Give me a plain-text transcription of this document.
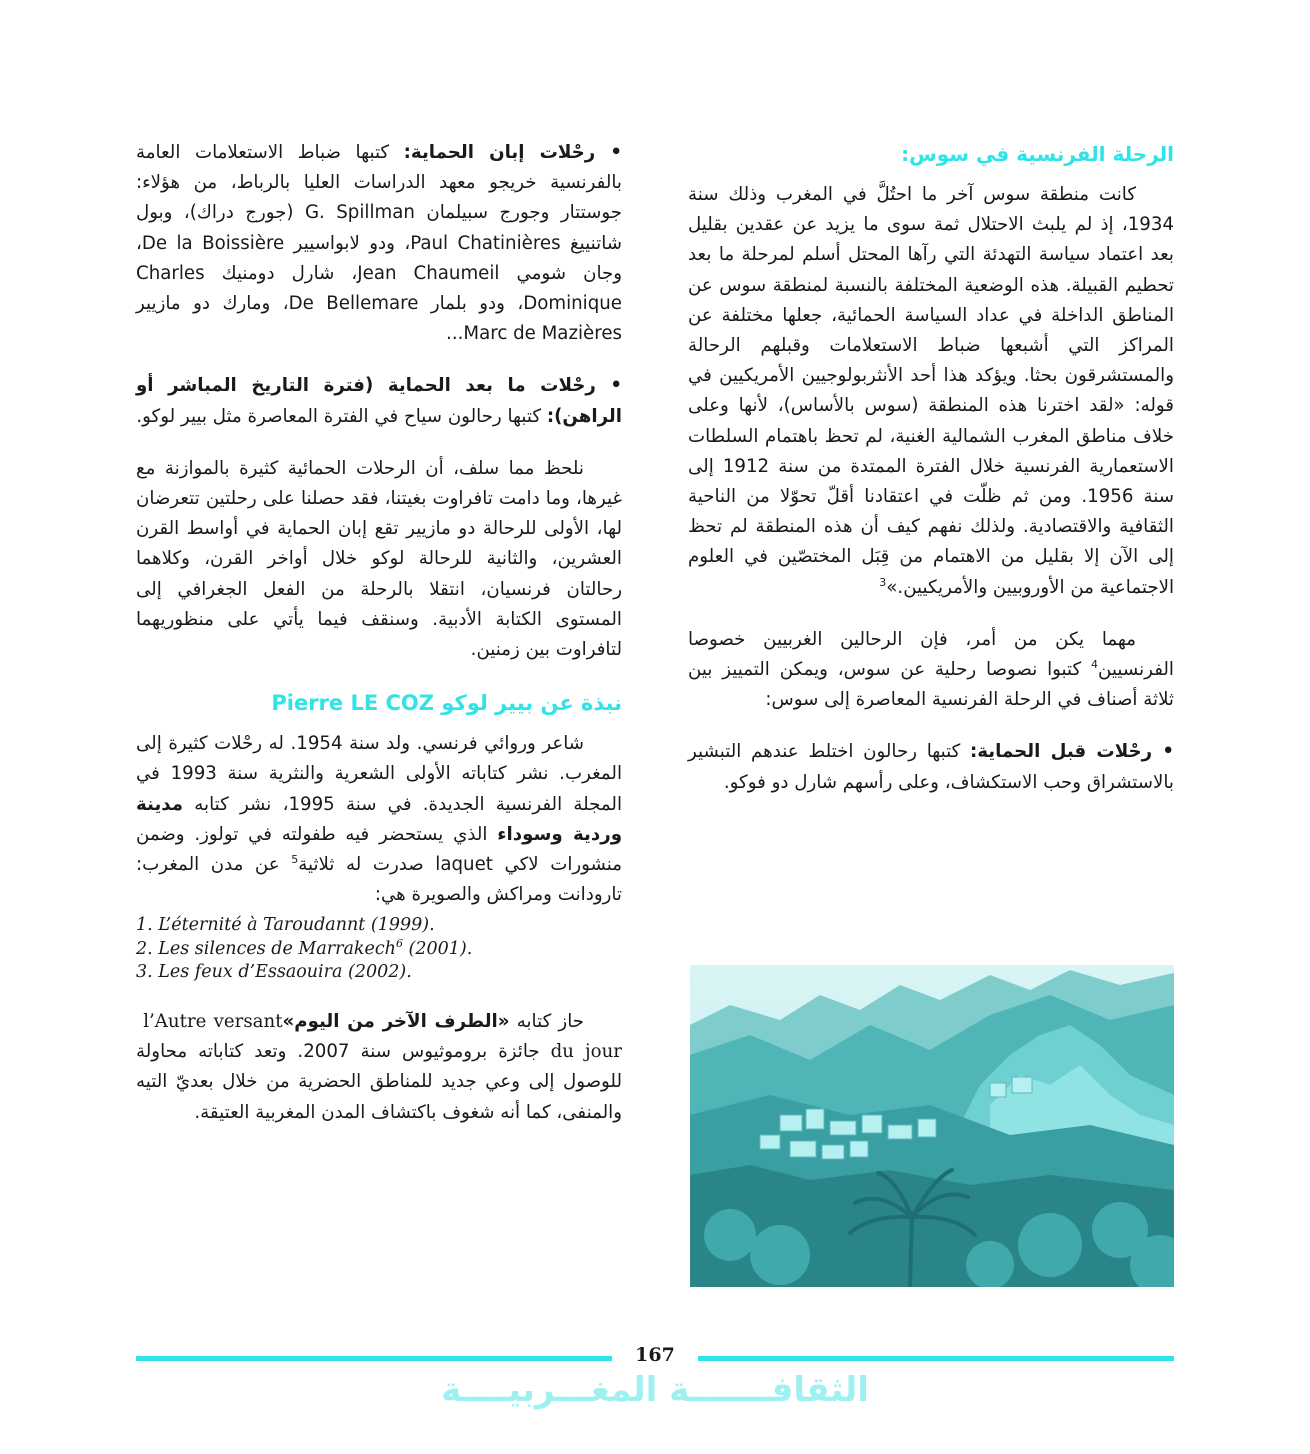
الرحلة الفرنسية في سوس:

كانت منطقة سوس آخر ما احتُلَّ في المغرب وذلك سنة 1934، إذ لم يلبث الاحتلال ثمة سوى ما يزيد عن عقدين بقليل بعد اعتماد سياسة التهدئة التي رآها المحتل أسلم لمرحلة ما بعد تحطيم القبيلة. هذه الوضعية المختلفة بالنسبة لمنطقة سوس عن المناطق الداخلة في عداد السياسة الحمائية، جعلها مختلفة عن المراكز التي أشبعها ضباط الاستعلامات وقبلهم الرحالة والمستشرقون بحثا. ويؤكد هذا أحد الأنثربولوجيين الأمريكيين في قوله: «لقد اخترنا هذه المنطقة (سوس بالأساس)، لأنها وعلى خلاف مناطق المغرب الشمالية الغنية، لم تحظ باهتمام السلطات الاستعمارية الفرنسية خلال الفترة الممتدة من سنة 1912 إلى سنة 1956. ومن ثم ظلّت في اعتقادنا أقلّ تحوّلا من الناحية الثقافية والاقتصادية. ولذلك نفهم كيف أن هذه المنطقة لم تحظ إلى الآن إلا بقليل من الاهتمام من قِبَل المختصّين في العلوم الاجتماعية من الأوروبيين والأمريكيين.»$^3$

مهما يكن من أمر، فإن الرحالين الغربيين خصوصا الفرنسيين$^4$ كتبوا نصوصا رحلية عن سوس، ويمكن التمييز بين ثلاثة أصناف في الرحلة الفرنسية المعاصرة إلى سوس:

• رحْلات قبل الحماية: كتبها رحالون اختلط عندهم التبشير بالاستشراق وحب الاستكشاف، وعلى رأسهم شارل دو فوكو.

• رحْلات إبان الحماية: كتبها ضباط الاستعلامات العامة بالفرنسية خريجو معهد الدراسات العليا بالرباط، من هؤلاء: جوستتار وجورج سبيلمان G. Spillman (جورج دراك)، وبول شاتنييغ Paul Chatinières، ودو لابواسيير De la Boissière، وجان شومي Jean Chaumeil، شارل دومنيك Charles Dominique، ودو بلمار De Bellemare، ومارك دو مازيير Marc de Mazières...

• رحْلات ما بعد الحماية (فترة التاريخ المباشر أو الراهن): كتبها رحالون سياح في الفترة المعاصرة مثل بيير لوكو.

نلحظ مما سلف، أن الرحلات الحمائية كثيرة بالموازنة مع غيرها، وما دامت تافراوت بغيتنا، فقد حصلنا على رحلتين تتعرضان لها، الأولى للرحالة دو مازيير تقع إبان الحماية في أواسط القرن العشرين، والثانية للرحالة لوكو خلال أواخر القرن، وكلاهما رحالتان فرنسيان، انتقلا بالرحلة من الفعل الجغرافي إلى المستوى الكتابة الأدبية. وسنقف فيما يأتي على منظوريهما لتافراوت بين زمنين.

نبذة عن بيير لوكو Pierre LE COZ

شاعر وروائي فرنسي. ولد سنة 1954. له رحْلات كثيرة إلى المغرب. نشر كتاباته الأولى الشعرية والنثرية سنة 1993 في المجلة الفرنسية الجديدة. في سنة 1995، نشر كتابه مدينة وردية وسوداء الذي يستحضر فيه طفولته في تولوز. وضمن منشورات لاكي laquet صدرت له ثلاثية$^5$ عن مدن المغرب: تارودانت ومراكش والصويرة هي:

1. L’éternité à Taroudannt (1999).
2. Les silences de Marrakech$^6$ (2001).
3. Les feux d’Essaouira (2002).

حاز كتابه «الطرف الآخر من اليوم» l’Autre versant du jour جائزة بروموثيوس سنة 2007. وتعد كتاباته محاولة للوصول إلى وعي جديد للمناطق الحضرية من خلال بعديّ التيه والمنفى، كما أنه شغوف باكتشاف المدن المغربية العتيقة.

167
الثقافـــــــة المغـــربيــــة
